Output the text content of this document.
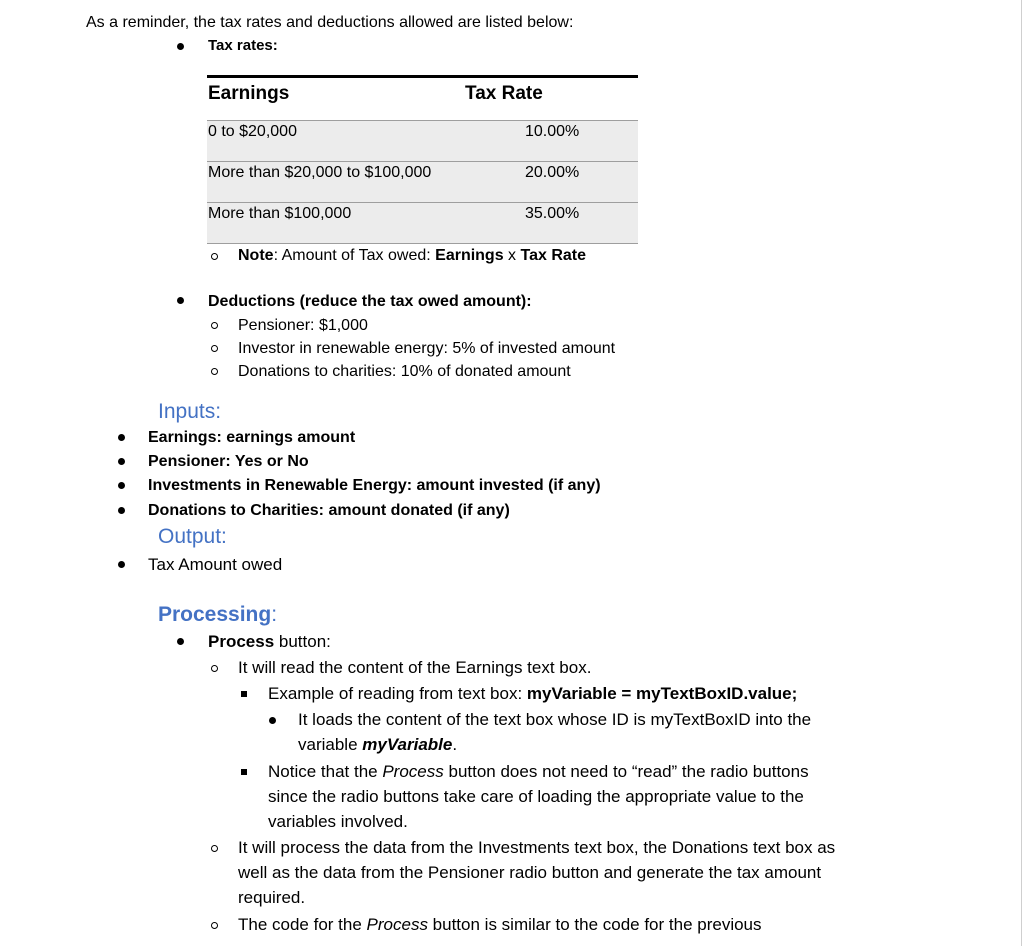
As a reminder, the tax rates and deductions allowed are listed below:
Tax rates:
Earnings	Tax Rate
0 to $20,000	10.00%
More than $20,000 to $100,000	20.00%
More than $100,000	35.00%
Note: Amount of Tax owed: Earnings x Tax Rate
Deductions (reduce the tax owed amount):
Pensioner: $1,000
Investor in renewable energy: 5% of invested amount
Donations to charities: 10% of donated amount
Inputs:
Earnings: earnings amount
Pensioner: Yes or No
Investments in Renewable Energy: amount invested (if any)
Donations to Charities: amount donated (if any)
Output:
Tax Amount owed
Processing:
Process button:
It will read the content of the Earnings text box.
Example of reading from text box: myVariable = myTextBoxID.value;
It loads the content of the text box whose ID is myTextBoxID into the
variable myVariable.
Notice that the Process button does not need to “read” the radio buttons
since the radio buttons take care of loading the appropriate value to the
variables involved.
It will process the data from the Investments text box, the Donations text box as
well as the data from the Pensioner radio button and generate the tax amount
required.
The code for the Process button is similar to the code for the previous
